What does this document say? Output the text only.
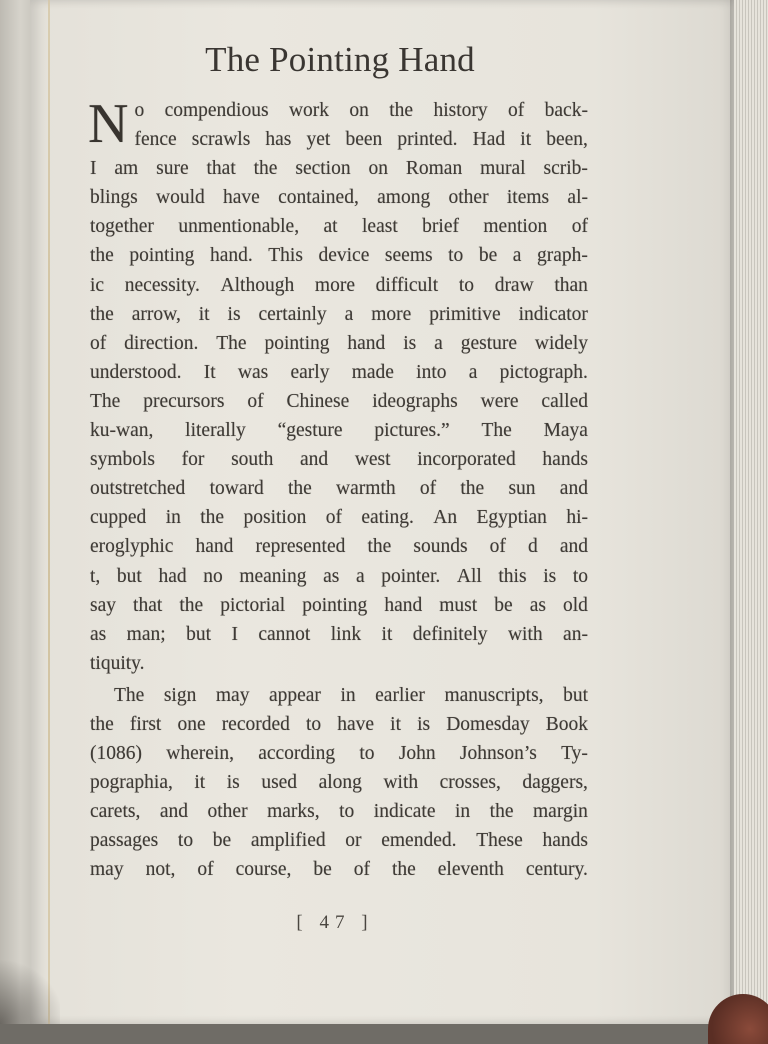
The Pointing Hand
N o compendious work on the history of back-
fence scrawls has yet been printed. Had it been,
I am sure that the section on Roman mural scrib-
blings would have contained, among other items al-
together unmentionable, at least brief mention of
the pointing hand. This device seems to be a graph-
ic necessity. Although more difficult to draw than
the arrow, it is certainly a more primitive indicator
of direction. The pointing hand is a gesture widely
understood. It was early made into a pictograph.
The precursors of Chinese ideographs were called
ku-wan, literally “gesture pictures.” The Maya
symbols for south and west incorporated hands
outstretched toward the warmth of the sun and
cupped in the position of eating. An Egyptian hi-
eroglyphic hand represented the sounds of d and
t, but had no meaning as a pointer. All this is to
say that the pictorial pointing hand must be as old
as man; but I cannot link it definitely with an-
tiquity.
The sign may appear in earlier manuscripts, but
the first one recorded to have it is Domesday Book
(1086) wherein, according to John Johnson’s Ty-
pographia, it is used along with crosses, daggers,
carets, and other marks, to indicate in the margin
passages to be amplified or emended. These hands
may not, of course, be of the eleventh century.
[ 47 ]
